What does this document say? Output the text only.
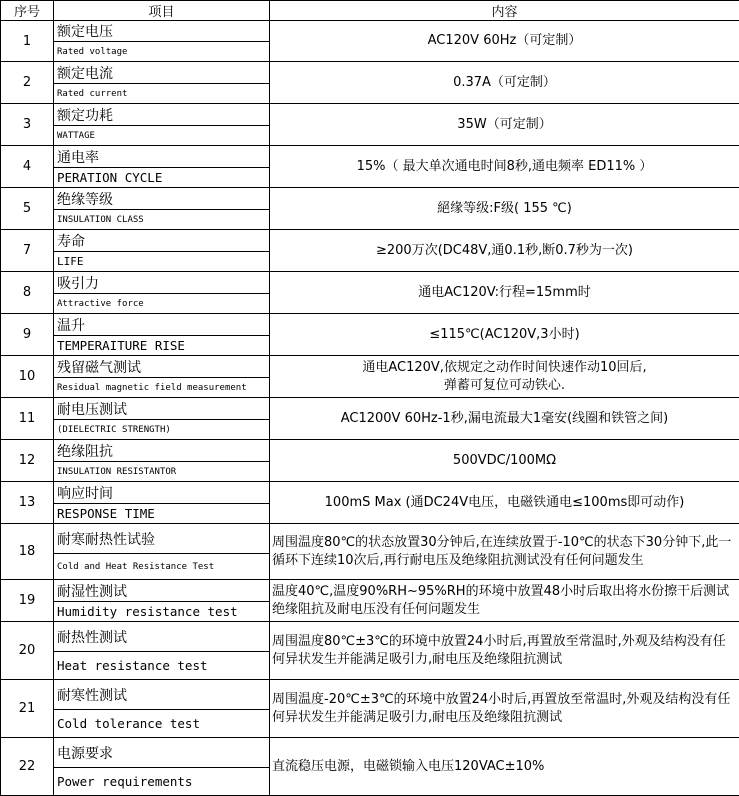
序号	项目	内容
1	额定电压	AC120V 60Hz（可定制）
	Rated voltage	
2	额定电流	0.37A（可定制）
	Rated current	
3	额定功耗	35W（可定制）
	WATTAGE	
4	通电率	15%（ 最大单次通电时间8秒,通电频率 ED11% ）
	PERATION CYCLE	
5	绝缘等级	絕缘等级:F级( 155 ℃)
	INSULATION CLASS	
7	寿命	≥200万次(DC48V,通0.1秒,断0.7秒为一次)
	LIFE	
8	吸引力	通电AC120V:行程=15mm时
	Attractive force	
9	温升	≤115℃(AC120V,3小时)
	TEMPERAITURE RISE	
10	残留磁气测试	通电AC120V,依规定之动作时间快速作动10回后,
弹蓄可复位可动铁心.
	Residual magnetic field measurement	
11	耐电压测试	AC1200V 60Hz-1秒,漏电流最大1毫安(线圈和铁管之间)
	(DIELECTRIC STRENGTH)	
12	绝缘阻抗	500VDC/100MΩ
	INSULATION RESISTANTOR	
13	响应时间	100mS Max (通DC24V电压，电磁铁通电≤100ms即可动作)
	RESPONSE TIME	
18	耐寒耐热性试验	周围温度80℃的状态放置30分钟后,在连续放置于-10℃的状态下30分钟下,此一循环下连续10次后,再行耐电压及绝缘阻抗测试没有任何问题发生
	Cold and Heat Resistance Test	
19	耐湿性测试	温度40℃,温度90%RH~95%RH的环境中放置48小时后取出将水份擦干后测试绝缘阻抗及耐电压没有任何问题发生
	Humidity resistance test	
20	耐热性测试	周围温度80℃±3℃的环境中放置24小时后,再置放至常温时,外观及结构没有任何异状发生并能满足吸引力,耐电压及绝缘阻抗测试
	Heat resistance test	
21	耐寒性测试	周围温度-20℃±3℃的环境中放置24小时后,再置放至常温时,外观及结构没有任何异状发生并能满足吸引力,耐电压及绝缘阻抗测试
	Cold tolerance test	
22	电源要求	直流稳压电源，电磁锁输入电压120VAC±10%
	Power requirements	
